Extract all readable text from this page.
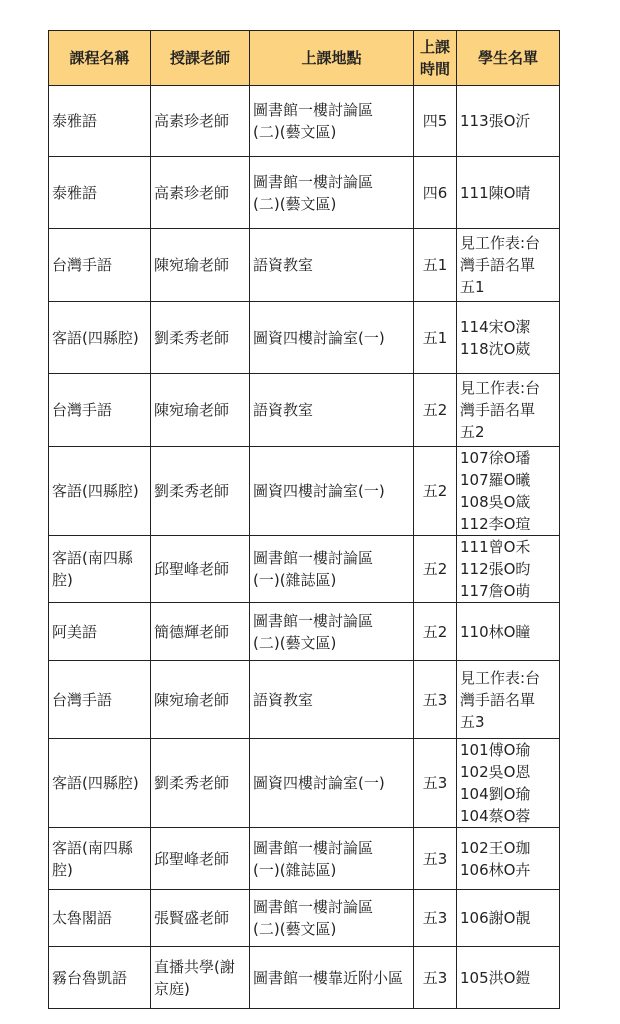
課程名稱	授課老師	上課地點	上課
時間	學生名單
泰雅語	高素珍老師	圖書館一樓討論區
(二)(藝文區)	四5	113張O沂
泰雅語	高素珍老師	圖書館一樓討論區
(二)(藝文區)	四6	111陳O晴
台灣手語	陳宛瑜老師	語資教室	五1	見工作表:台
灣手語名單
五1
客語(四縣腔)	劉柔秀老師	圖資四樓討論室(一)	五1	114宋O潔
118沈O葳
台灣手語	陳宛瑜老師	語資教室	五2	見工作表:台
灣手語名單
五2
客語(四縣腔)	劉柔秀老師	圖資四樓討論室(一)	五2	107徐O璠
107羅O曦
108吳O箴
112李O瑄
客語(南四縣腔)	邱聖峰老師	圖書館一樓討論區
(一)(雜誌區)	五2	111曾O禾
112張O昀
117詹O萌
阿美語	簡德輝老師	圖書館一樓討論區
(二)(藝文區)	五2	110林O瞳
台灣手語	陳宛瑜老師	語資教室	五3	見工作表:台
灣手語名單
五3
客語(四縣腔)	劉柔秀老師	圖資四樓討論室(一)	五3	101傅O瑜
102吳O恩
104劉O瑜
104蔡O蓉
客語(南四縣腔)	邱聖峰老師	圖書館一樓討論區
(一)(雜誌區)	五3	102王O珈
106林O卉
太魯閣語	張賢盛老師	圖書館一樓討論區
(二)(藝文區)	五3	106謝O靚
霧台魯凱語	直播共學(謝京庭)	圖書館一樓靠近附小區	五3	105洪O鎧
